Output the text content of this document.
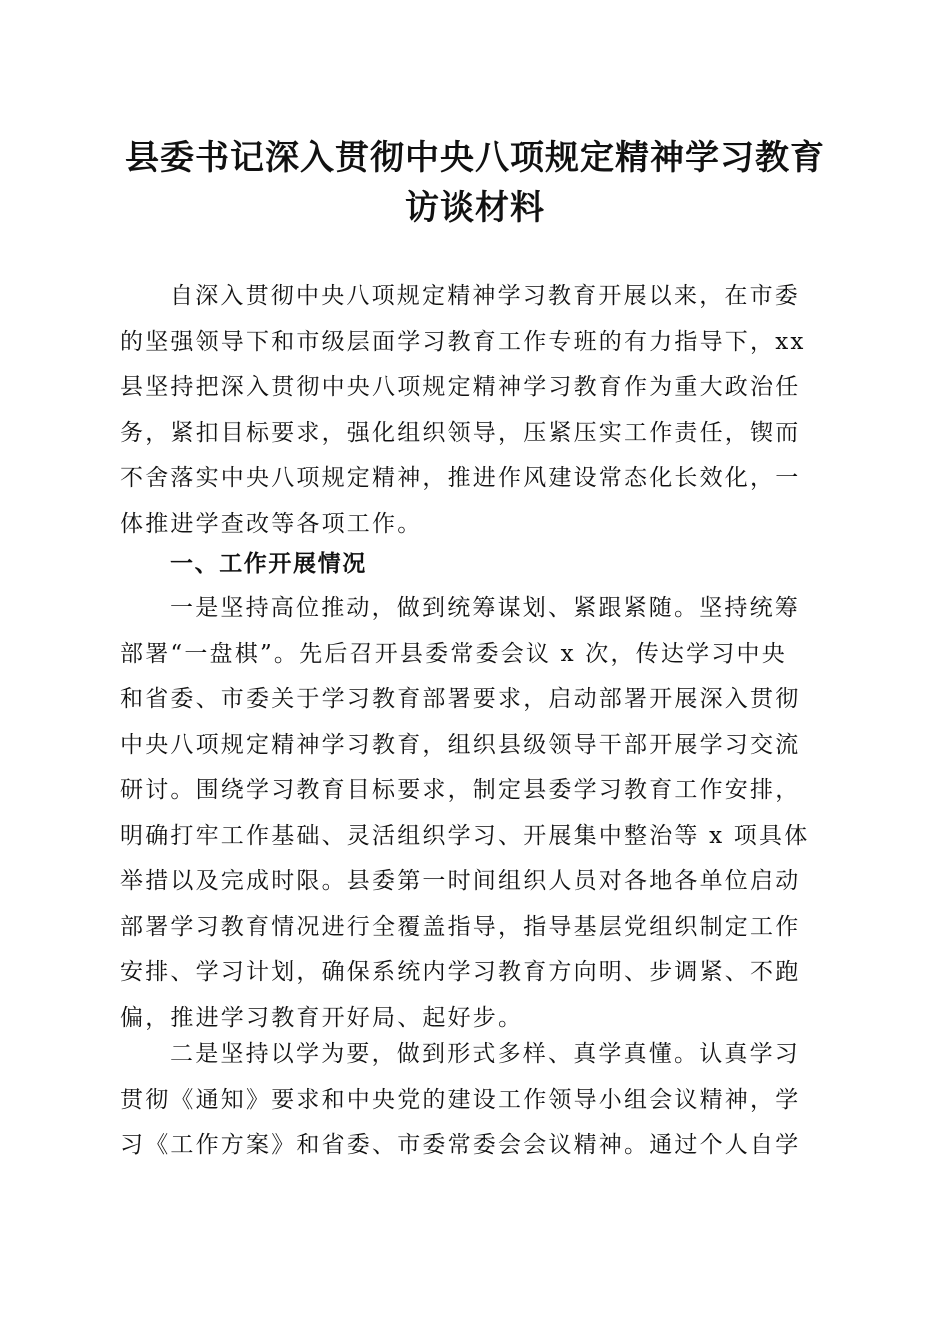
县委书记深入贯彻中央八项规定精神学习教育
访谈材料
自深入贯彻中央八项规定精神学习教育开展以来，在市委
的坚强领导下和市级层面学习教育工作专班的有力指导下，xx
县坚持把深入贯彻中央八项规定精神学习教育作为重大政治任
务，紧扣目标要求，强化组织领导，压紧压实工作责任，锲而
不舍落实中央八项规定精神，推进作风建设常态化长效化，一
体推进学查改等各项工作。
一、工作开展情况
一是坚持高位推动，做到统筹谋划、紧跟紧随。坚持统筹
部署“一盘棋”。先后召开县委常委会议 x 次，传达学习中央
和省委、市委关于学习教育部署要求，启动部署开展深入贯彻
中央八项规定精神学习教育，组织县级领导干部开展学习交流
研讨。围绕学习教育目标要求，制定县委学习教育工作安排，
明确打牢工作基础、灵活组织学习、开展集中整治等 x 项具体
举措以及完成时限。县委第一时间组织人员对各地各单位启动
部署学习教育情况进行全覆盖指导，指导基层党组织制定工作
安排、学习计划，确保系统内学习教育方向明、步调紧、不跑
偏，推进学习教育开好局、起好步。
二是坚持以学为要，做到形式多样、真学真懂。认真学习
贯彻《通知》要求和中央党的建设工作领导小组会议精神，学
习《工作方案》和省委、市委常委会会议精神。通过个人自学
